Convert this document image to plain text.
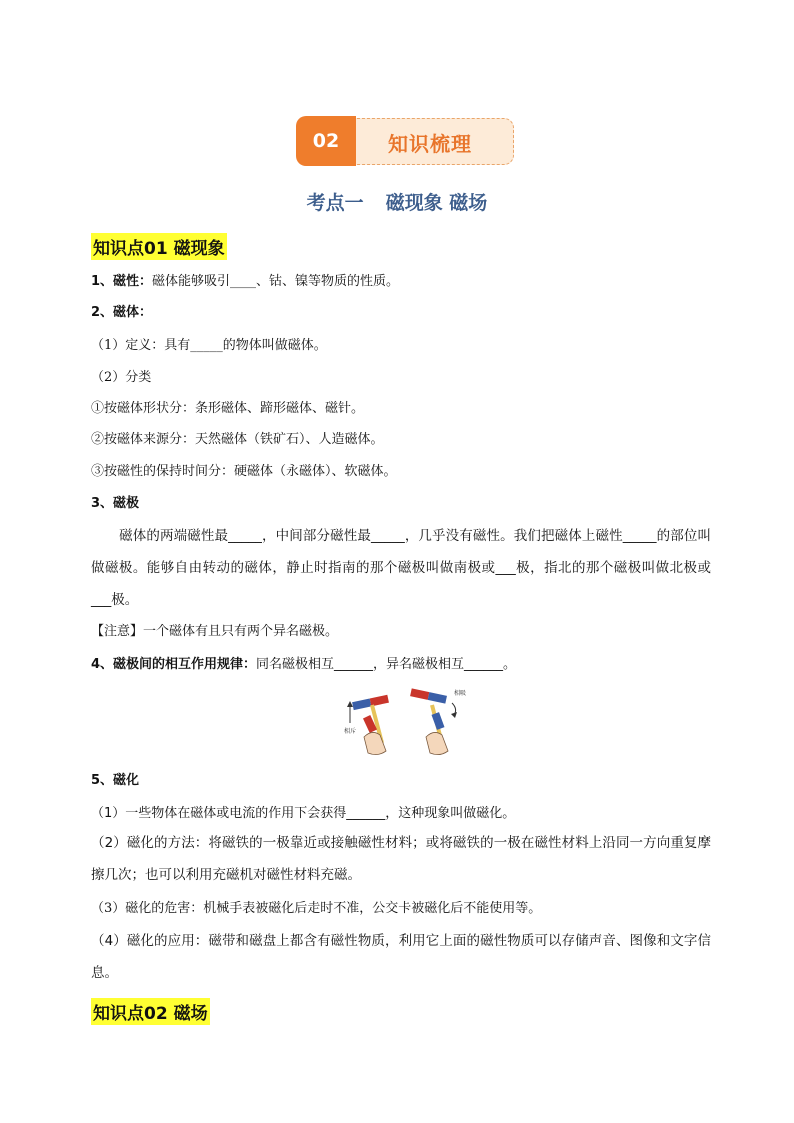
02	知识梳理
考点一 磁现象 磁场
知识点01 磁现象
1、磁性：磁体能够吸引____、钴、镍等物质的性质。
2、磁体：
（1）定义：具有_____的物体叫做磁体。
（2）分类
①按磁体形状分：条形磁体、蹄形磁体、磁针。
②按磁体来源分：天然磁体（铁矿石）、人造磁体。
③按磁性的保持时间分：硬磁体（永磁体）、软磁体。
3、磁极
磁体的两端磁性最_____，中间部分磁性最_____，几乎没有磁性。我们把磁体上磁性_____的部位叫做磁极。能够自由转动的磁体，静止时指南的那个磁极叫做南极或___极，指北的那个磁极叫做北极或___极。
【注意】一个磁体有且只有两个异名磁极。
4、磁极间的相互作用规律：同名磁极相互______，异名磁极相互______。
相斥
相吸
5、磁化
（1）一些物体在磁体或电流的作用下会获得______，这种现象叫做磁化。
（2）磁化的方法：将磁铁的一极靠近或接触磁性材料；或将磁铁的一极在磁性材料上沿同一方向重复摩擦几次；也可以利用充磁机对磁性材料充磁。
（3）磁化的危害：机械手表被磁化后走时不准，公交卡被磁化后不能使用等。
（4）磁化的应用：磁带和磁盘上都含有磁性物质，利用它上面的磁性物质可以存储声音、图像和文字信息。
知识点02 磁场
